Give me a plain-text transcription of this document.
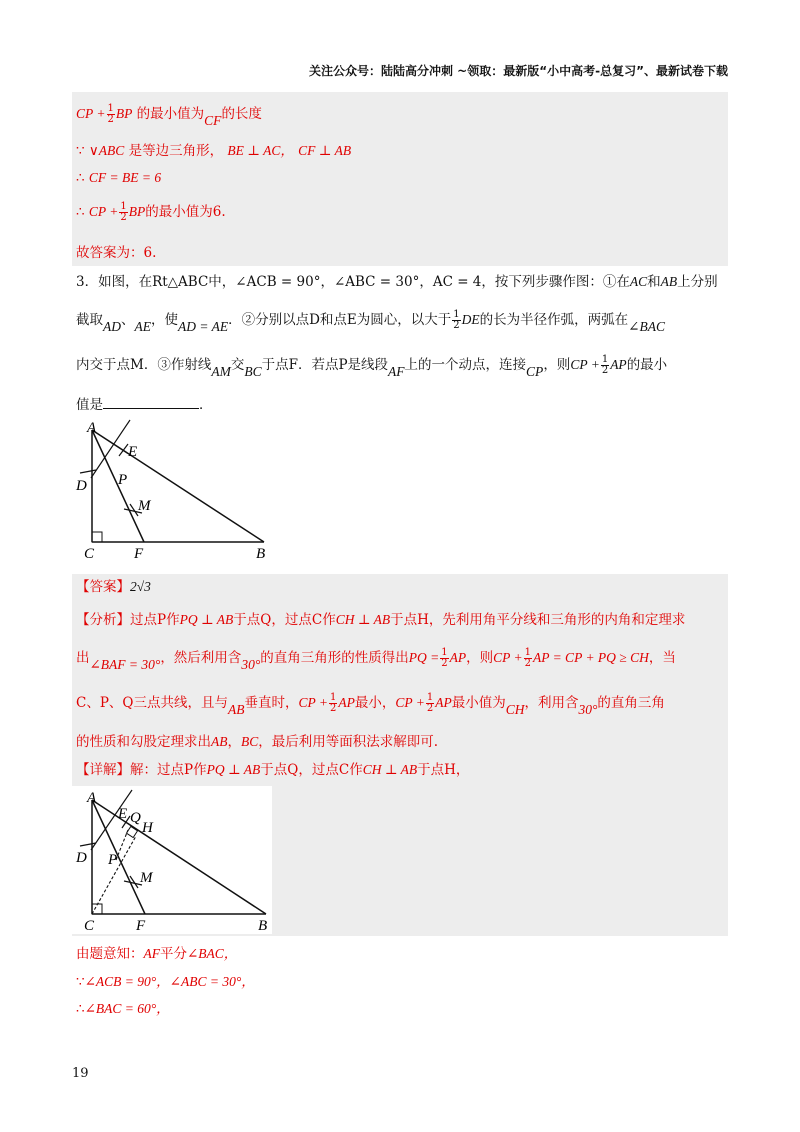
关注公众号：陆陆高分冲刺 ~领取：最新版“小中高考-总复习”、最新试卷下载
CP + $\frac{1}{2}$ BP 的最小值为CF的长度
∵ ∨ABC 是等边三角形， BE ⊥ AC， CF ⊥ AB
∴ CF = BE = 6
∴ CP + $\frac{1}{2}$ BP的最小值为6.
故答案为：6.
3．如图，在Rt△ABC中，∠ACB = 90°，∠ABC = 30°，AC = 4，按下列步骤作图：①在AC和AB上分别
截取AD、AE，使AD = AE．②分别以点D和点E为圆心，以大于 $\frac{1}{2}$ DE的长为半径作弧，两弧在∠BAC
内交于点M．③作射线AM交BC于点F．若点P是线段AF上的一个动点，连接CP，则CP + $\frac{1}{2}$ AP的最小
值是	．
A
E
D P
M
C	F	B
【答案】2√3
【分析】过点P作PQ ⊥ AB于点Q，过点C作CH ⊥ AB于点H，先利用角平分线和三角形的内角和定理求
出∠BAF = 30°，然后利用含30°的直角三角形的性质得出PQ = $\frac{1}{2}$ AP，则CP + $\frac{1}{2}$ AP = CP + PQ ≥ CH，当
C、P、Q三点共线，且与AB垂直时，CP + $\frac{1}{2}$ AP最小，CP + $\frac{1}{2}$ AP最小值为CH，利用含30°的直角三角
的性质和勾股定理求出AB，BC，最后利用等面积法求解即可.
【详解】解：过点P作PQ ⊥ AB于点Q，过点C作CH ⊥ AB于点H，
A
E Q
H
D P
M
C	F	B
由题意知：AF平分∠BAC，
∵∠ACB = 90°，∠ABC = 30°，
∴∠BAC = 60°，
19
